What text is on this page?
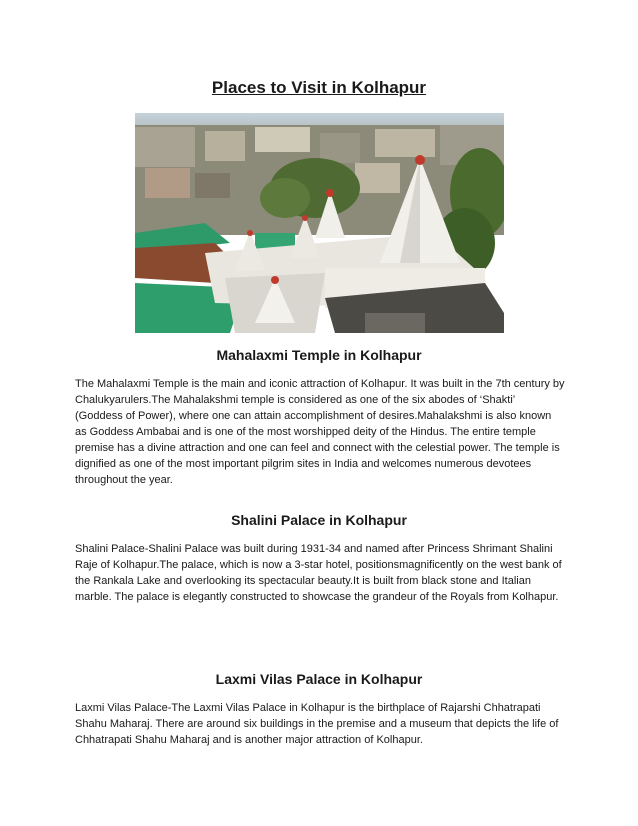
Places to Visit in Kolhapur
Mahalaxmi Temple in Kolhapur

The Mahalaxmi Temple is the main and iconic attraction of Kolhapur. It was built in the 7th century by Chalukyarulers.The Mahalakshmi temple is considered as one of the six abodes of ‘Shakti’ (Goddess of Power), where one can attain accomplishment of desires.Mahalakshmi is also known as Goddess Ambabai and is one of the most worshipped deity of the Hindus. The entire temple premise has a divine attraction and one can feel and connect with the celestial power. The temple is dignified as one of the most important pilgrim sites in India and welcomes numerous devotees throughout the year.

Shalini Palace in Kolhapur

Shalini Palace-Shalini Palace was built during 1931-34 and named after Princess Shrimant Shalini Raje of Kolhapur.The palace, which is now a 3-star hotel, positionsmagnificently on the west bank of the Rankala Lake and overlooking its spectacular beauty.It is built from black stone and Italian marble. The palace is elegantly constructed to showcase the grandeur of the Royals from Kolhapur.

Laxmi Vilas Palace in Kolhapur

Laxmi Vilas Palace-The Laxmi Vilas Palace in Kolhapur is the birthplace of Rajarshi Chhatrapati Shahu Maharaj. There are around six buildings in the premise and a museum that depicts the life of Chhatrapati Shahu Maharaj and is another major attraction of Kolhapur.
